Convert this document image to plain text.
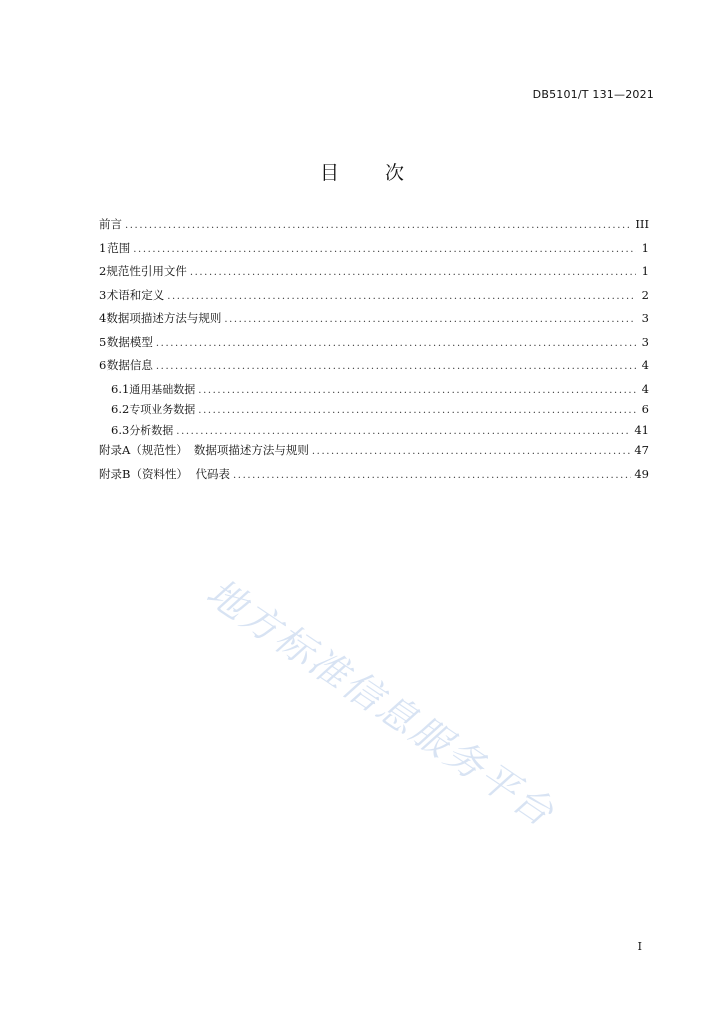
DB5101/T 131—2021
目 次
前言 .....	III
1 范围 .....	1
2 规范性引用文件 .....	1
3 术语和定义 .....	2
4 数据项描述方法与规则 .....	3
5 数据模型 .....	3
6 数据信息 .....	4
6.1 通用基础数据 .....	4
6.2 专项业务数据 .....	6
6.3 分析数据 .....	41
附录A（规范性） 数据项描述方法与规则 .....	47
附录B（资料性） 代码表 .....	49
地方标准信息服务平台
I
